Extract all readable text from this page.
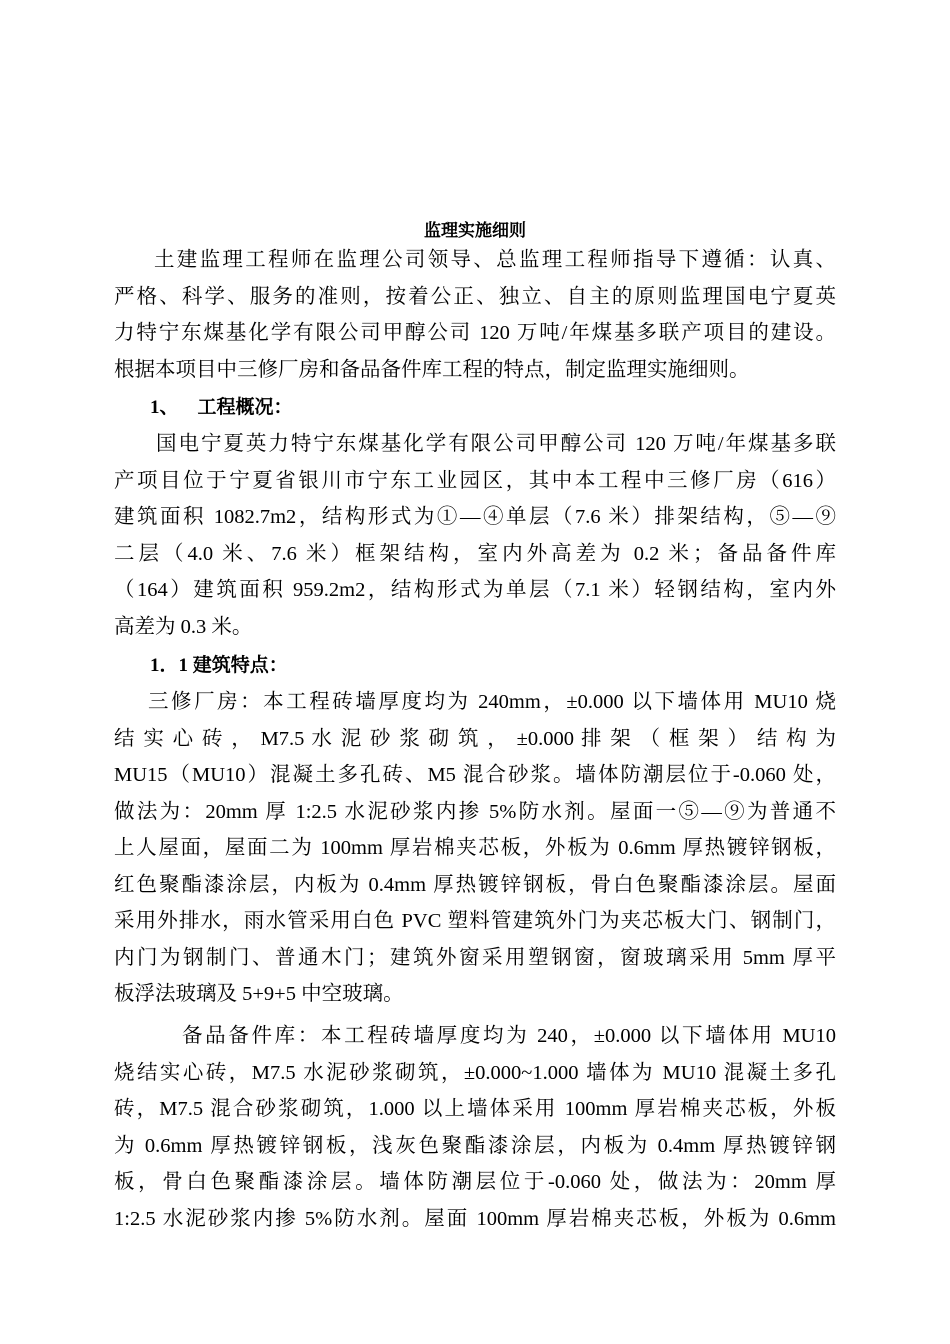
监理实施细则
土建监理工程师在监理公司领导、总监理工程师指导下遵循：认真、
严格、科学、服务的准则，按着公正、独立、自主的原则监理国电宁夏英
力特宁东煤基化学有限公司甲醇公司 120 万吨/年煤基多联产项目的建设。
根据本项目中三修厂房和备品备件库工程的特点，制定监理实施细则。
1、    工程概况：
国电宁夏英力特宁东煤基化学有限公司甲醇公司 120 万吨/年煤基多联
产项目位于宁夏省银川市宁东工业园区，其中本工程中三修厂房（616）
建筑面积 1082.7m2，结构形式为①—④单层（7.6 米）排架结构，⑤—⑨
二层（4.0 米、7.6 米）框架结构，室内外高差为 0.2 米；备品备件库
（164）建筑面积 959.2m2，结构形式为单层（7.1 米）轻钢结构，室内外
高差为 0.3 米。
1．1 建筑特点：
三修厂房：本工程砖墙厚度均为 240mm，±0.000 以下墙体用 MU10 烧
结 实 心 砖 ， M7.5 水 泥 砂 浆 砌 筑 ， ±0.000 排 架 （ 框 架 ） 结 构 为
MU15（MU10）混凝土多孔砖、M5 混合砂浆。墙体防潮层位于-0.060 处，
做法为：20mm 厚 1:2.5 水泥砂浆内掺 5%防水剂。屋面一⑤—⑨为普通不
上人屋面，屋面二为 100mm 厚岩棉夹芯板，外板为 0.6mm 厚热镀锌钢板，
红色聚酯漆涂层，内板为 0.4mm 厚热镀锌钢板，骨白色聚酯漆涂层。屋面
采用外排水，雨水管采用白色 PVC 塑料管建筑外门为夹芯板大门、钢制门，
内门为钢制门、普通木门；建筑外窗采用塑钢窗，窗玻璃采用 5mm 厚平
板浮法玻璃及 5+9+5 中空玻璃。
备品备件库：本工程砖墙厚度均为 240，±0.000 以下墙体用 MU10
烧结实心砖，M7.5 水泥砂浆砌筑，±0.000~1.000 墙体为 MU10 混凝土多孔
砖，M7.5 混合砂浆砌筑，1.000 以上墙体采用 100mm 厚岩棉夹芯板，外板
为 0.6mm 厚热镀锌钢板，浅灰色聚酯漆涂层，内板为 0.4mm 厚热镀锌钢
板，骨白色聚酯漆涂层。墙体防潮层位于-0.060 处，做法为：20mm 厚
1:2.5 水泥砂浆内掺 5%防水剂。屋面 100mm 厚岩棉夹芯板，外板为 0.6mm
